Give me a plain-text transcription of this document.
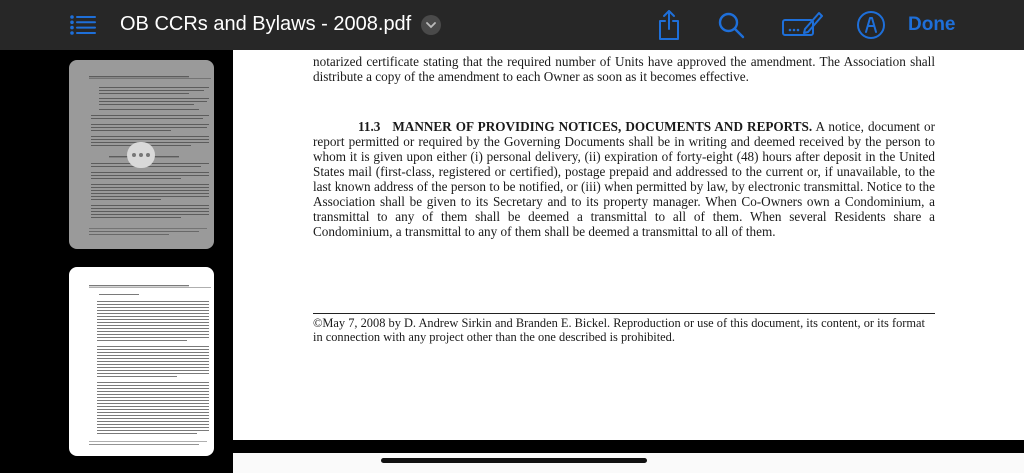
OB CCRs and Bylaws - 2008.pdf	Done

notarized certificate stating that the required number of Units have approved the amendment. The Association shall distribute a copy of the amendment to each Owner as soon as it becomes effective.

11.3 MANNER OF PROVIDING NOTICES, DOCUMENTS AND REPORTS. A notice, document or report permitted or required by the Governing Documents shall be in writing and deemed received by the person to whom it is given upon either (i) personal delivery, (ii) expiration of forty-eight (48) hours after deposit in the United States mail (first-class, registered or certified), postage prepaid and addressed to the current or, if unavailable, to the last known address of the person to be notified, or (iii) when permitted by law, by electronic transmittal. Notice to the Association shall be given to its Secretary and to its property manager. When Co-Owners own a Condominium, a transmittal to any of them shall be deemed a transmittal to all of them. When several Residents share a Condominium, a transmittal to any of them shall be deemed a transmittal to all of them.

©May 7, 2008 by D. Andrew Sirkin and Branden E. Bickel. Reproduction or use of this document, its content, or its format in connection with any project other than the one described is prohibited.
